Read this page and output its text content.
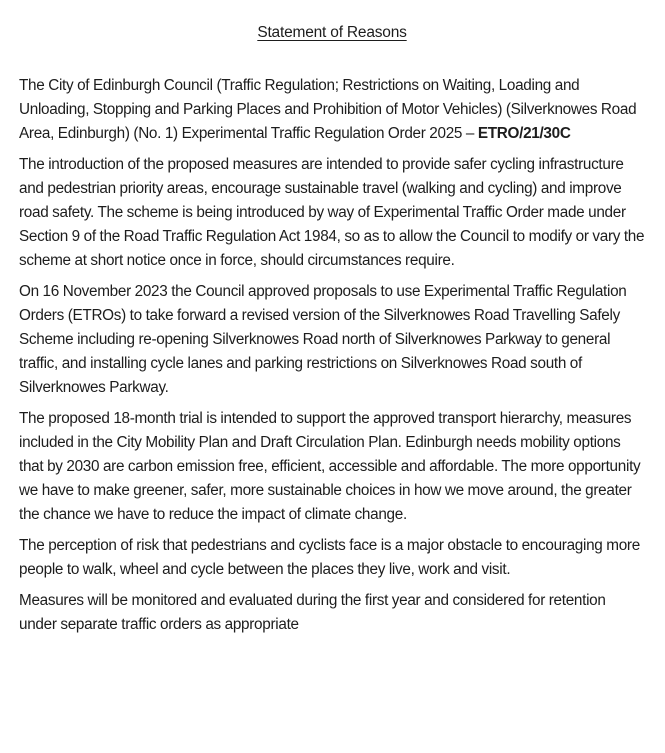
Statement of Reasons

The City of Edinburgh Council (Traffic Regulation; Restrictions on Waiting, Loading and Unloading, Stopping and Parking Places and Prohibition of Motor Vehicles) (Silverknowes Road Area, Edinburgh) (No. 1) Experimental Traffic Regulation Order 2025 – ETRO/21/30C

The introduction of the proposed measures are intended to provide safer cycling infrastructure and pedestrian priority areas, encourage sustainable travel (walking and cycling) and improve road safety. The scheme is being introduced by way of Experimental Traffic Order made under Section 9 of the Road Traffic Regulation Act 1984, so as to allow the Council to modify or vary the scheme at short notice once in force, should circumstances require.

On 16 November 2023 the Council approved proposals to use Experimental Traffic Regulation Orders (ETROs) to take forward a revised version of the Silverknowes Road Travelling Safely Scheme including re-opening Silverknowes Road north of Silverknowes Parkway to general traffic, and installing cycle lanes and parking restrictions on Silverknowes Road south of Silverknowes Parkway.

The proposed 18-month trial is intended to support the approved transport hierarchy, measures included in the City Mobility Plan and Draft Circulation Plan. Edinburgh needs mobility options that by 2030 are carbon emission free, efficient, accessible and affordable. The more opportunity we have to make greener, safer, more sustainable choices in how we move around, the greater the chance we have to reduce the impact of climate change.

The perception of risk that pedestrians and cyclists face is a major obstacle to encouraging more people to walk, wheel and cycle between the places they live, work and visit.

Measures will be monitored and evaluated during the first year and considered for retention under separate traffic orders as appropriate
